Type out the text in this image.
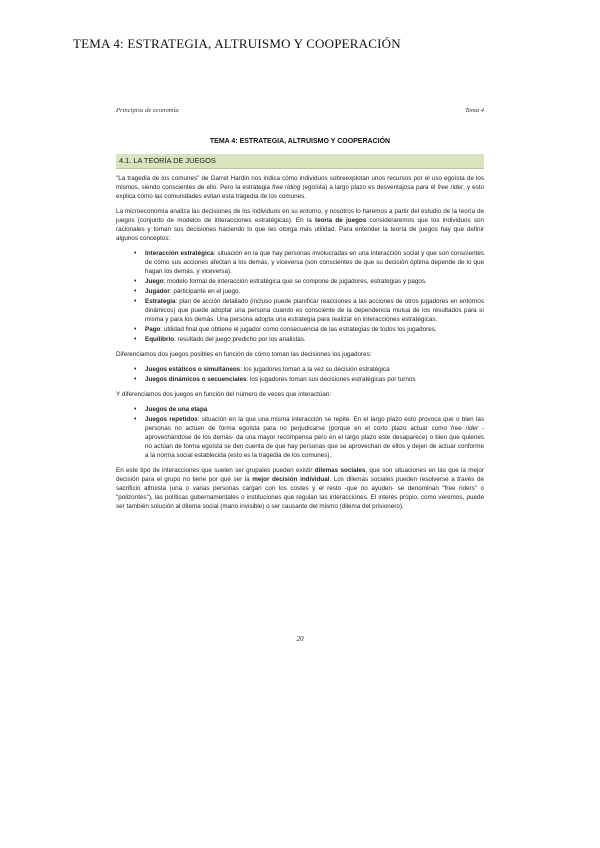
TEMA 4: ESTRATEGIA, ALTRUISMO Y COOPERACIÓN
Principios de economía	Tema 4
TEMA 4: ESTRATEGIA, ALTRUISMO Y COOPERACIÓN
4.1. LA TEORÍA DE JUEGOS

"La tragedia de los comunes" de Garret Hardin nos indica cómo individuos sobreexplotan unos recursos por el uso egoísta de los mismos, siendo conscientes de ello. Pero la estrategia free riding (egoísta) a largo plazo es desventajosa para el free rider, y esto explica cómo las comunidades evitan esta tragedia de los comunes.

La microeconomía analiza las decisiones de los individuos en su entorno, y nosotros lo haremos a partir del estudio de la teoría de juegos (conjunto de modelos de interacciones estratégicas). En la teoría de juegos consideraremos que los individuos son racionales y toman sus decisiones haciendo lo que les otorga más utilidad. Para entender la teoría de juegos hay que definir algunos conceptos:

• Interacción estratégica: situación en la que hay personas involucradas en una interacción social y que son conscientes de cómo sus acciones afectan a los demás, y viceversa (son conscientes de que su decisión óptima depende de lo que hagan los demás, y viceversa).
• Juego: modelo formal de interacción estratégica que se compone de jugadores, estrategias y pagos.
• Jugador: participante en el juego.
• Estrategia: plan de acción detallado (incluso puede planificar reacciones a las acciones de otros jugadores en entornos dinámicos) que puede adoptar una persona cuando es consciente de la dependencia mutua de los resultados para sí misma y para los demás. Una persona adopta una estrategia para realizar en interacciones estratégicas.
• Pago: utilidad final que obtiene el jugador como consecuencia de las estrategias de todos los jugadores.
• Equilibrio: resultado del juego predicho por los analistas.

Diferenciamos dos juegos posibles en función de cómo toman las decisiones los jugadores:

• Juegos estáticos o simultáneos: los jugadores toman a la vez su decisión estratégica
• Juegos dinámicos o secuenciales: los jugadores toman sus decisiones estratégicas por turnos

Y diferenciamos dos juegos en función del número de veces que interactúan:

• Juegos de una etapa
• Juegos repetidos: situación en la que una misma interacción se repite. En el largo plazo esto provoca que o bien las personas no actúen de forma egoísta para no perjudicarse (porque en el corto plazo actuar como free rider -aprovechándose de los demás- da una mayor recompensa pero en el largo plazo este desaparece) o bien que quienes no actúan de forma egoísta se den cuenta de que hay personas que se aprovechan de ellos y dejen de actuar conforme a la norma social establecida (esto es la tragedia de los comunes).

En este tipo de interacciones que suelen ser grupales pueden existir dilemas sociales, que son situaciones en las que la mejor decisión para el grupo no tiene por qué ser la mejor decisión individual. Los dilemas sociales pueden resolverse a través de sacrificio altruista (una o varias personas cargan con los costes y el resto -que no ayuden- se denominan "free riders" o "polizontes"), las políticas gubernamentales o instituciones que regulan las interacciones. El interés propio, como veremos, puede ser también solución al dilema social (mano invisible) o ser causante del mismo (dilema del prisionero).

20
